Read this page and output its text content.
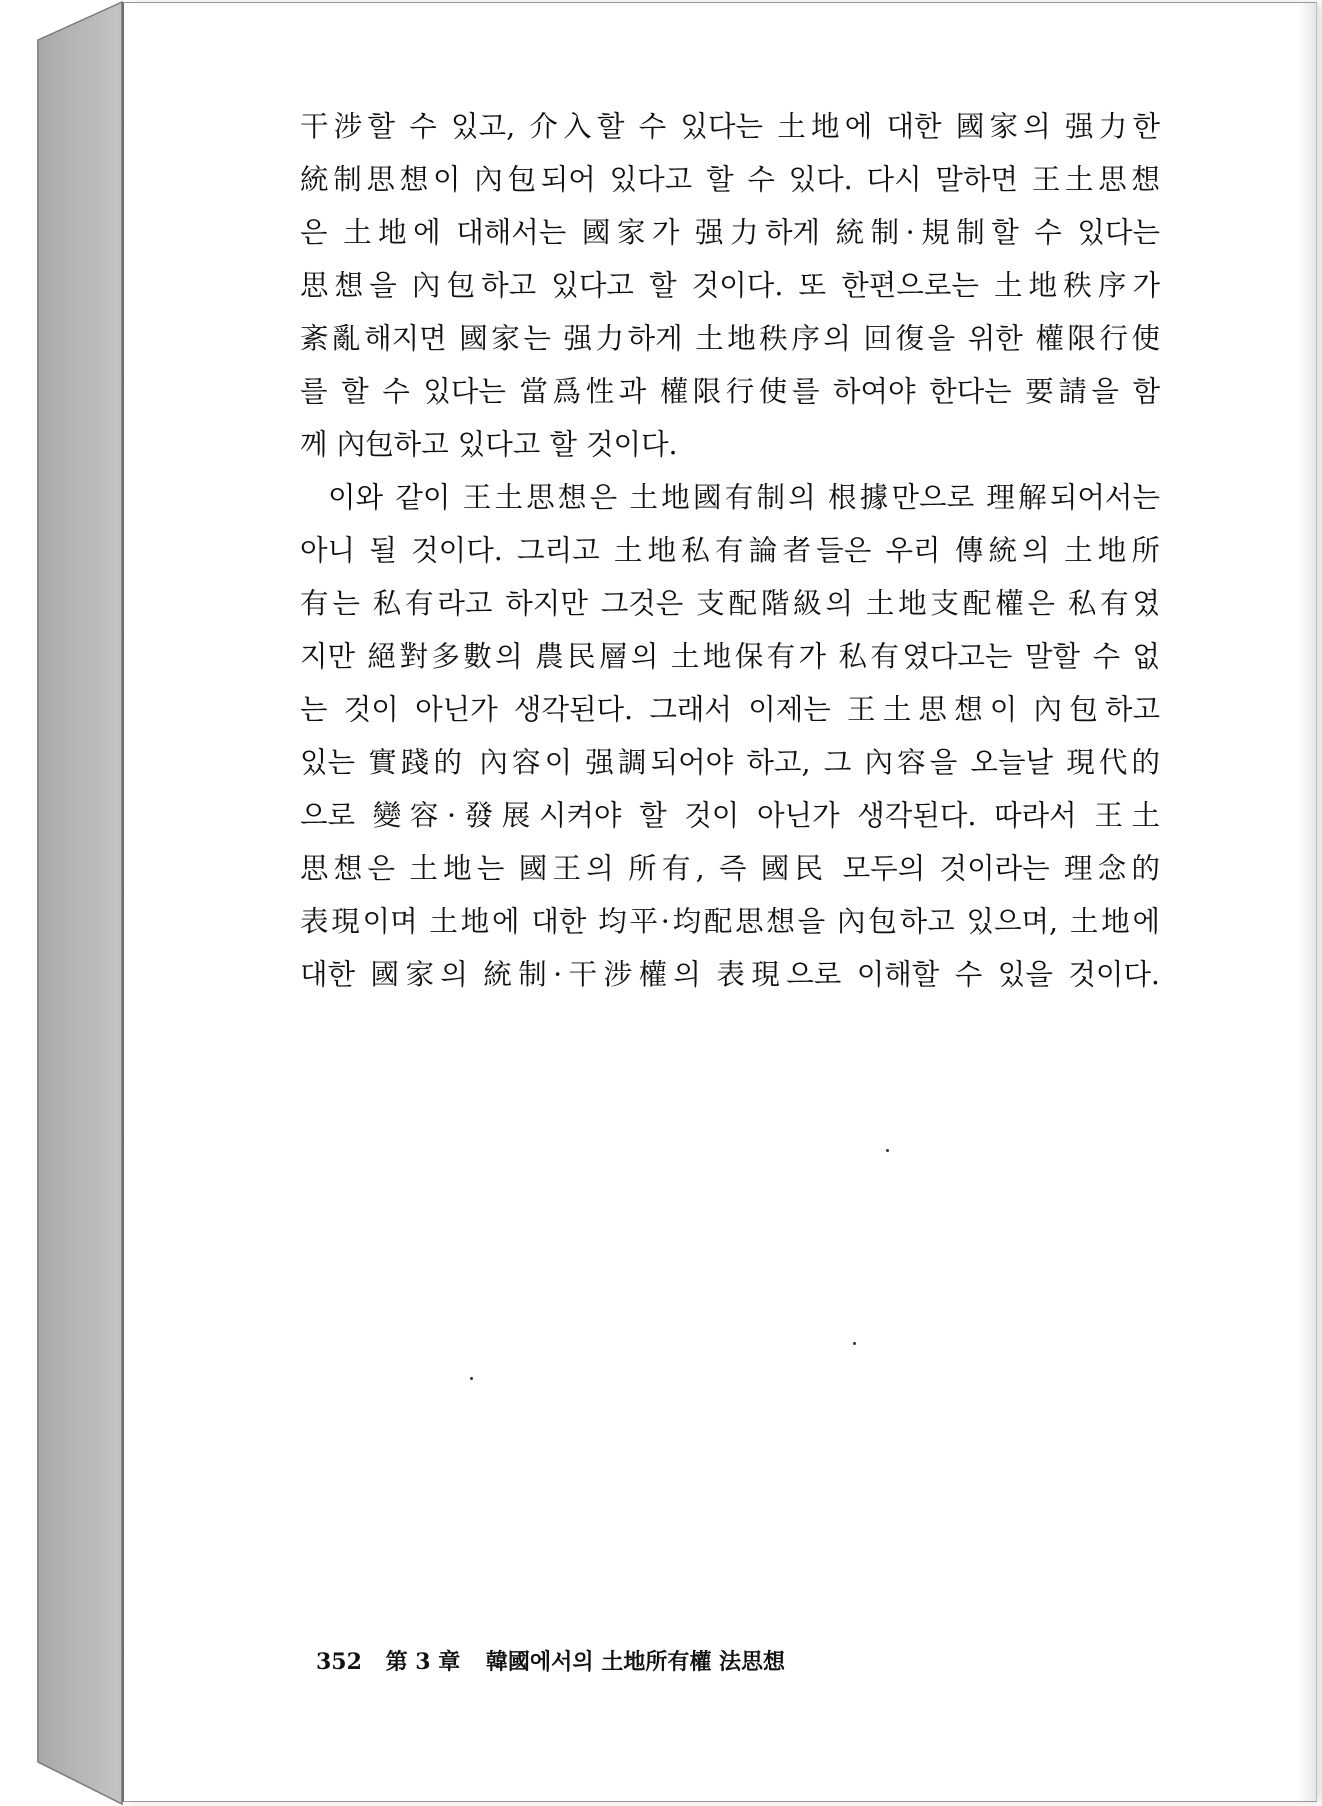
干涉할 수 있고, 介入할 수 있다는 土地에 대한 國家의 强力한
統制思想이 內包되어 있다고 할 수 있다. 다시 말하면 王土思想
은 土地에 대해서는 國家가 强力하게 統制·規制할 수 있다는
思想을 內包하고 있다고 할 것이다. 또 한편으로는 土地秩序가
紊亂해지면 國家는 强力하게 土地秩序의 回復을 위한 權限行使
를 할 수 있다는 當爲性과 權限行使를 하여야 한다는 要請을 함
께 內包하고 있다고 할 것이다.

이와 같이 王土思想은 土地國有制의 根據만으로 理解되어서는
아니 될 것이다. 그리고 土地私有論者들은 우리 傳統의 土地所
有는 私有라고 하지만 그것은 支配階級의 土地支配權은 私有였
지만 絕對多數의 農民層의 土地保有가 私有였다고는 말할 수 없
는 것이 아닌가 생각된다. 그래서 이제는 王土思想이 內包하고
있는 實踐的 內容이 强調되어야 하고, 그 內容을 오늘날 現代的
으로 變容·發展시켜야 할 것이 아닌가 생각된다. 따라서 王土
思想은 土地는 國王의 所有, 즉 國民 모두의 것이라는 理念的
表現이며 土地에 대한 均平·均配思想을 內包하고 있으며, 土地에
대한 國家의 統制·干涉權의 表現으로 이해할 수 있을 것이다.

352 第 3 章 韓國에서의 土地所有權 法思想
